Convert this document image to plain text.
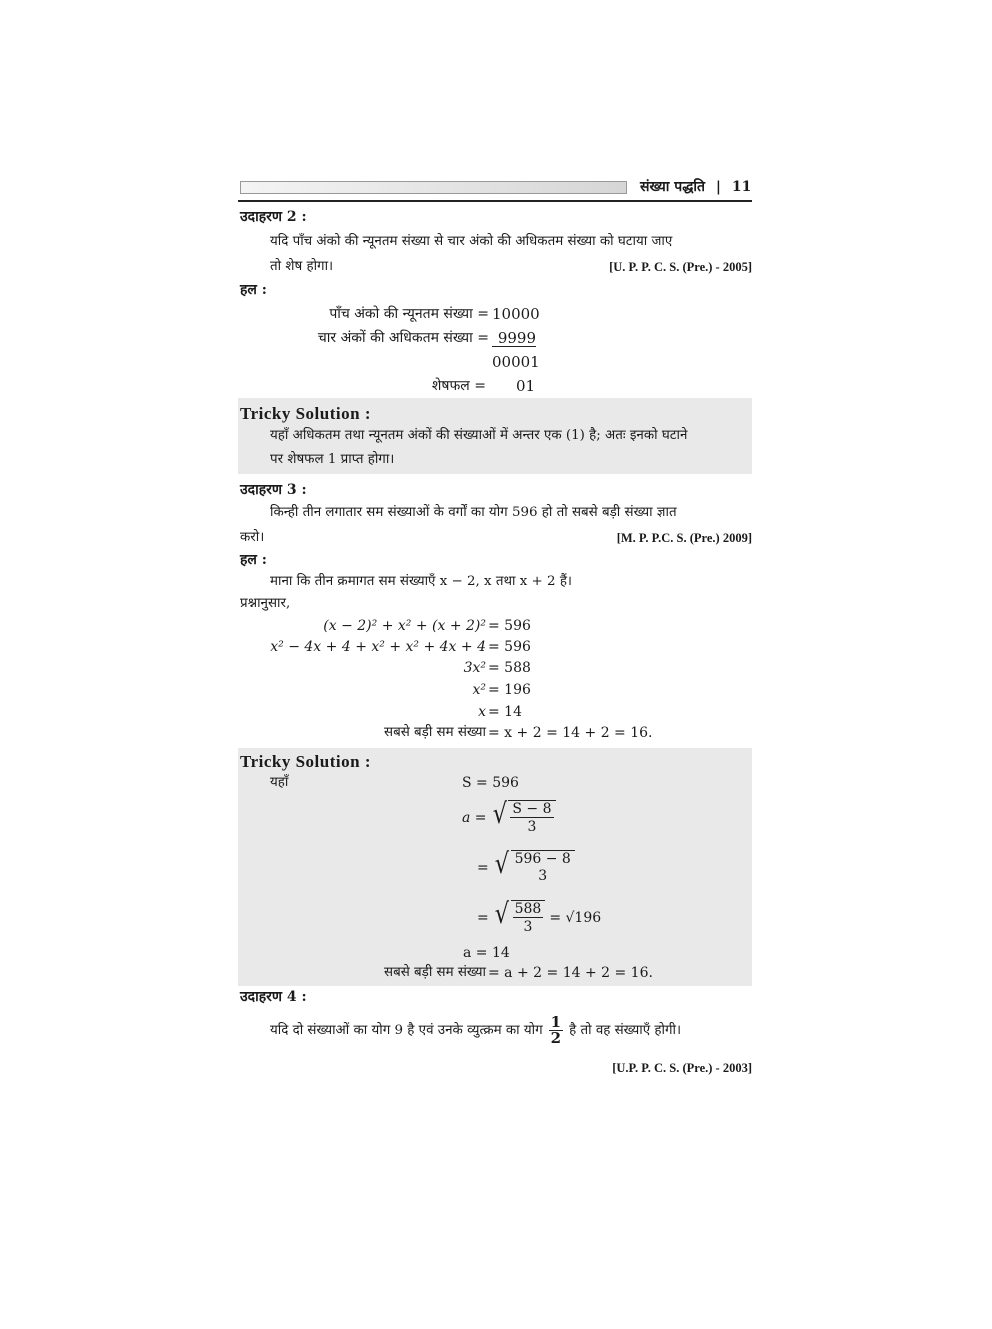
संख्या पद्धति | 11
उदाहरण 2 :
यदि पाँच अंको की न्यूनतम संख्या से चार अंको की अधिकतम संख्या को घटाया जाए
तो शेष होगा।	[U. P. P. C. S. (Pre.) - 2005]
हल :
पाँच अंको की न्यूनतम संख्या = 10000
चार अंकों की अधिकतम संख्या = 9999
00001
शेषफल = 01
Tricky Solution :
यहाँ अधिकतम तथा न्यूनतम अंकों की संख्याओं में अन्तर एक (1) है; अतः इनको घटाने
पर शेषफल 1 प्राप्त होगा।
उदाहरण 3 :
किन्ही तीन लगातार सम संख्याओं के वर्गों का योग 596 हो तो सबसे बड़ी संख्या ज्ञात
करो।	[M. P. P.C. S. (Pre.) 2009]
हल :
माना कि तीन क्रमागत सम संख्याएँ x − 2, x तथा x + 2 हैं।
प्रश्नानुसार,
(x − 2)² + x² + (x + 2)² = 596
x² − 4x + 4 + x² + x² + 4x + 4 = 596
3x² = 588
x² = 196
x = 14
सबसे बड़ी सम संख्या = x + 2 = 14 + 2 = 16.
Tricky Solution :
यहाँ	S = 596
a = √ $\frac{S - 8}{3}$
= √ 596 − 8
3
= √ $\frac{588}{3} = √196$
a = 14
सबसे बड़ी सम संख्या = a + 2 = 14 + 2 = 16.
उदाहरण 4 :
यदि दो संख्याओं का योग 9 है एवं उनके व्युत्क्रम का योग $\frac{1}{2}$ है तो वह संख्याएँ होगी।
[U.P. P. C. S. (Pre.) - 2003]
